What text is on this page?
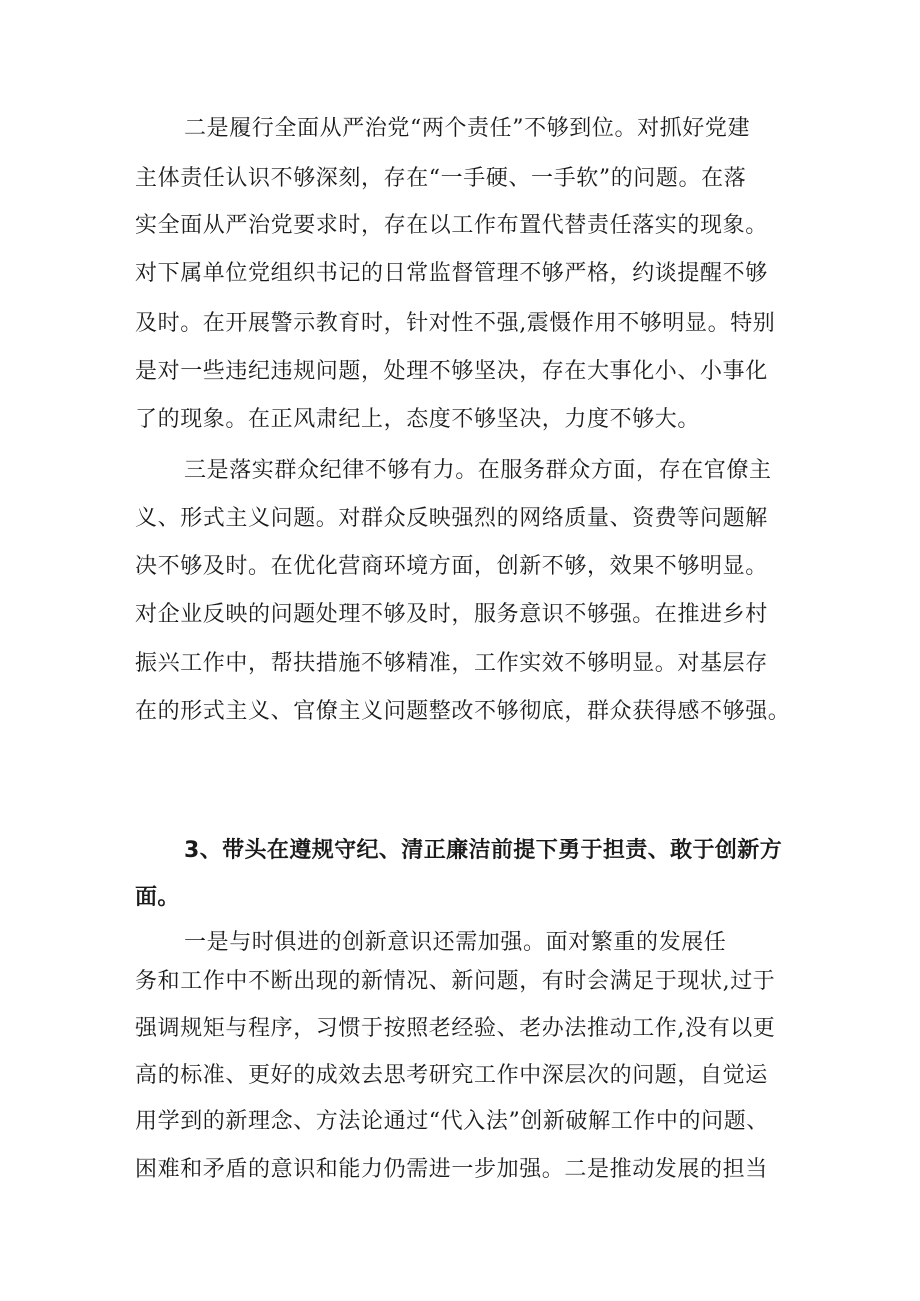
二是履行全面从严治党“两个责任”不够到位。对抓好党建
主体责任认识不够深刻，存在“一手硬、一手软”的问题。在落
实全面从严治党要求时，存在以工作布置代替责任落实的现象。
对下属单位党组织书记的日常监督管理不够严格，约谈提醒不够
及时。在开展警示教育时，针对性不强,震慑作用不够明显。特别
是对一些违纪违规问题，处理不够坚决，存在大事化小、小事化
了的现象。在正风肃纪上，态度不够坚决，力度不够大。
三是落实群众纪律不够有力。在服务群众方面，存在官僚主
义、形式主义问题。对群众反映强烈的网络质量、资费等问题解
决不够及时。在优化营商环境方面，创新不够，效果不够明显。
对企业反映的问题处理不够及时，服务意识不够强。在推进乡村
振兴工作中，帮扶措施不够精准，工作实效不够明显。对基层存
在的形式主义、官僚主义问题整改不够彻底，群众获得感不够强。
3、带头在遵规守纪、清正廉洁前提下勇于担责、敢于创新方
面。
一是与时俱进的创新意识还需加强。面对繁重的发展任
务和工作中不断出现的新情况、新问题，有时会满足于现状,过于
强调规矩与程序，习惯于按照老经验、老办法推动工作,没有以更
高的标准、更好的成效去思考研究工作中深层次的问题，自觉运
用学到的新理念、方法论通过“代入法”创新破解工作中的问题、
困难和矛盾的意识和能力仍需进一步加强。二是推动发展的担当
